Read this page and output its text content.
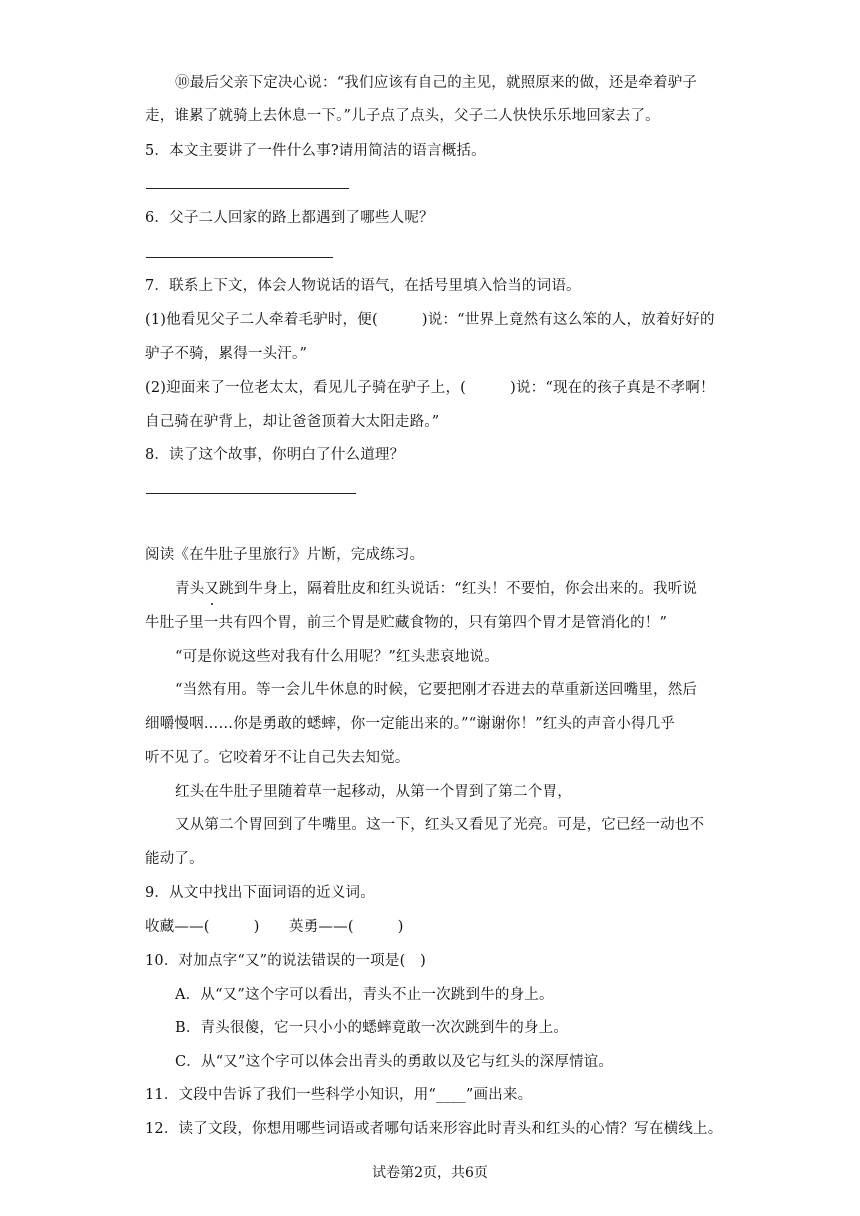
⑩最后父亲下定决心说：“我们应该有自己的主见，就照原来的做，还是牵着驴子
走，谁累了就骑上去休息一下。”儿子点了点头，父子二人快快乐乐地回家去了。
5．本文主要讲了一件什么事?请用简洁的语言概括。
6．父子二人回家的路上都遇到了哪些人呢？
7．联系上下文，体会人物说话的语气，在括号里填入恰当的词语。
(1)他看见父子二人牵着毛驴时，便(　　　)说：“世界上竟然有这么笨的人，放着好好的
驴子不骑，累得一头汗。”
(2)迎面来了一位老太太，看见儿子骑在驴子上，(　　　)说：“现在的孩子真是不孝啊！
自己骑在驴背上，却让爸爸顶着大太阳走路。”
8．读了这个故事，你明白了什么道理？
阅读《在牛肚子里旅行》片断，完成练习。
青头又跳到牛身上，隔着肚皮和红头说话：“红头！不要怕，你会出来的。我听说
牛肚子里一共有四个胃，前三个胃是贮藏食物的，只有第四个胃才是管消化的！”
“可是你说这些对我有什么用呢？”红头悲哀地说。
“当然有用。等一会儿牛休息的时候，它要把刚才吞进去的草重新送回嘴里，然后
细嚼慢咽……你是勇敢的蟋蟀，你一定能出来的。”“谢谢你！”红头的声音小得几乎
听不见了。它咬着牙不让自己失去知觉。
红头在牛肚子里随着草一起移动，从第一个胃到了第二个胃，
又从第二个胃回到了牛嘴里。这一下，红头又看见了光亮。可是，它已经一动也不
能动了。
9．从文中找出下面词语的近义词。
收藏——(　　　)　　英勇——(　　　)
10．对加点字“又”的说法错误的一项是(　)
A．从“又”这个字可以看出，青头不止一次跳到牛的身上。
B．青头很傻，它一只小小的蟋蟀竟敢一次次跳到牛的身上。
C．从“又”这个字可以体会出青头的勇敢以及它与红头的深厚情谊。
11．文段中告诉了我们一些科学小知识，用“____”画出来。
12．读了文段，你想用哪些词语或者哪句话来形容此时青头和红头的心情？写在横线上。
试卷第2页，共6页
